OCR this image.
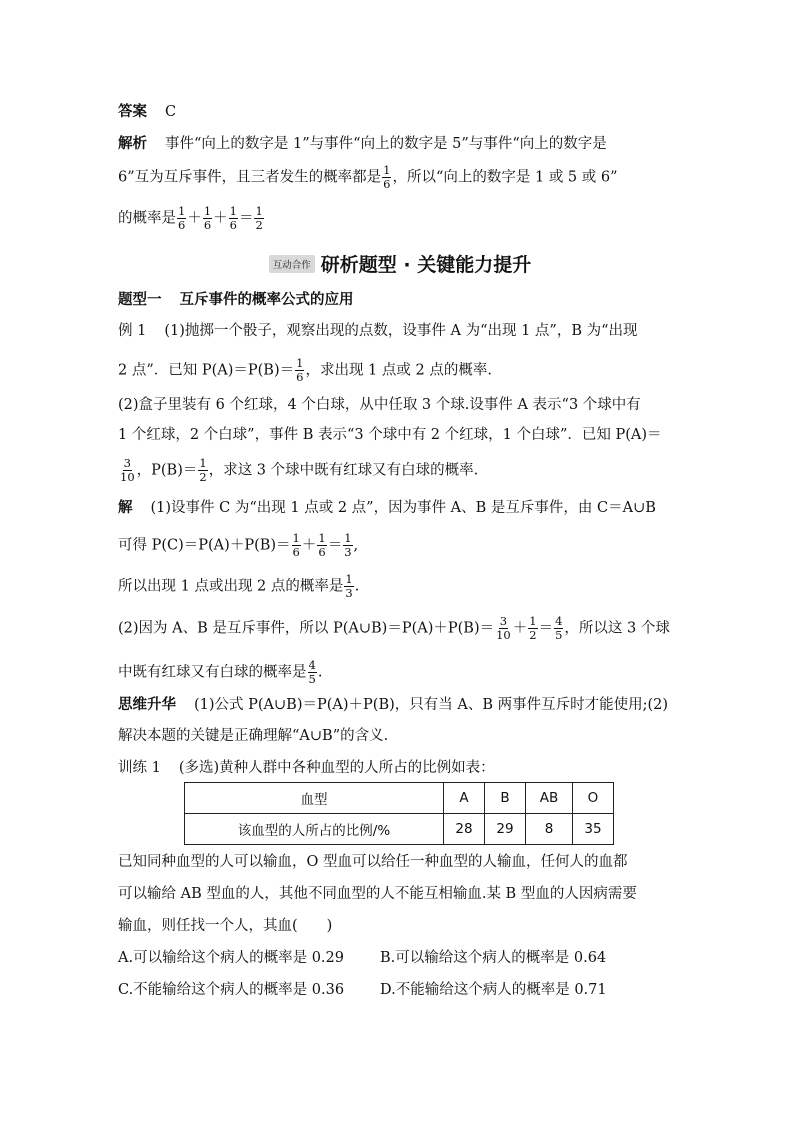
答案 C
解析 事件“向上的数字是 1”与事件“向上的数字是 5”与事件“向上的数字是
6”互为互斥事件，且三者发生的概率都是 $\frac{1}{6}$ ，所以“向上的数字是 1 或 5 或 6”
的概率是 $\frac{1}{6} + \frac{1}{6} + \frac{1}{6} = \frac{1}{2}$
互动合作 研析题型 · 关键能力提升
题型一 互斥事件的概率公式的应用
例 1 (1)抛掷一个骰子，观察出现的点数，设事件 A 为“出现 1 点”，B 为“出现
2 点”．已知 $P(A)=P(B)= \frac{1}{6}$ ，求出现 1 点或 2 点的概率.
(2)盒子里装有 6 个红球，4 个白球，从中任取 3 个球.设事件 A 表示“3 个球中有
1 个红球，2 个白球”，事件 B 表示“3 个球中有 2 个红球，1 个白球”．已知 P(A)＝
$\frac{3}{10}$ ，$P(B)= \frac{1}{2}$ ，求这 3 个球中既有红球又有白球的概率.
解 (1)设事件 C 为“出现 1 点或 2 点”，因为事件 A、B 是互斥事件，由 C＝A∪B
可得 $P(C)=P(A)+P(B)= \frac{1}{6} + \frac{1}{6} = \frac{1}{3}$ ,
所以出现 1 点或出现 2 点的概率是 $\frac{1}{3}$ .
(2)因为 A、B 是互斥事件，所以 P(A∪B)＝P(A)＋P(B)＝ $\frac{3}{10} + \frac{1}{2} = \frac{4}{5}$ ，所以这 3 个球
中既有红球又有白球的概率是 $\frac{4}{5}$ .
思维升华 (1)公式 P(A∪B)＝P(A)＋P(B)，只有当 A、B 两事件互斥时才能使用;(2)
解决本题的关键是正确理解“A∪B”的含义.
训练 1 (多选)黄种人群中各种血型的人所占的比例如表：
血型	A	B	AB	O
该血型的人所占的比例/%	28	29	8	35
已知同种血型的人可以输血，O 型血可以给任一种血型的人输血，任何人的血都
可以输给 AB 型血的人，其他不同血型的人不能互相输血.某 B 型血的人因病需要
输血，则任找一个人，其血(　　)
A.可以输给这个病人的概率是 0.29 B.可以输给这个病人的概率是 0.64
C.不能输给这个病人的概率是 0.36 D.不能输给这个病人的概率是 0.71
